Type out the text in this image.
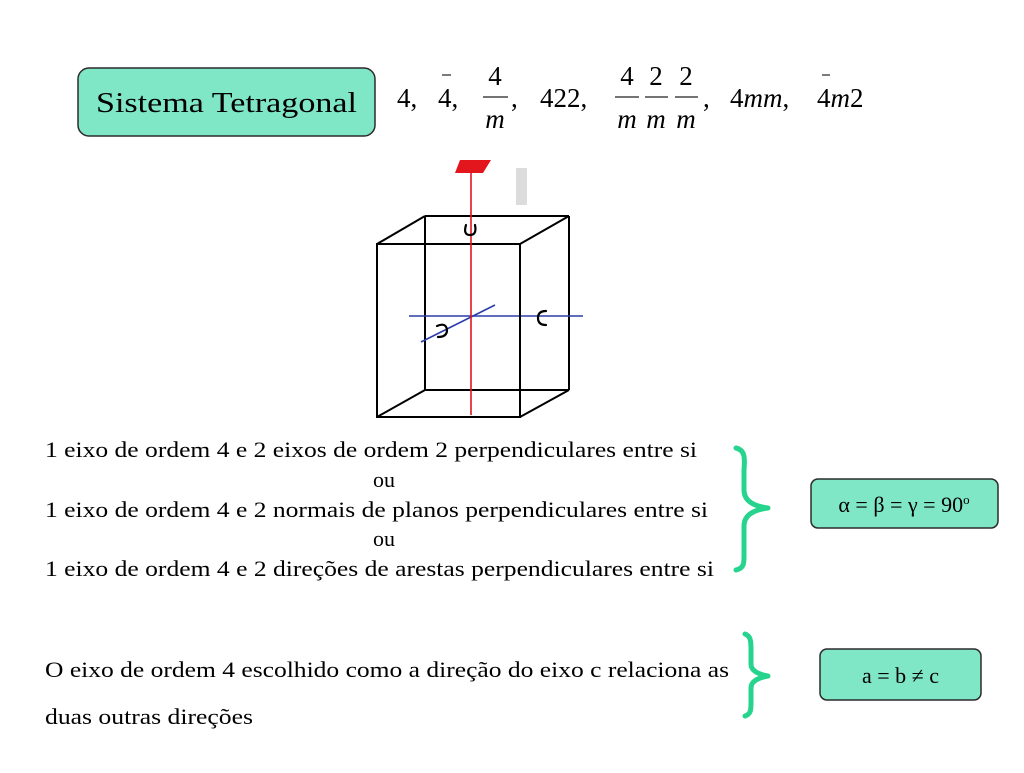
Sistema Tetragonal 4, 4,
4
m
, 422,
4
m
2
m
2
m
, 4mm, 4m2
1 eixo de ordem 4 e 2 eixos de ordem 2 perpendiculares entre si
ou
1 eixo de ordem 4 e 2 normais de planos perpendiculares entre si
ou
1 eixo de ordem 4 e 2 direções de arestas perpendiculares entre si
$\alpha = \beta = \gamma = 90^o$
O eixo de ordem 4 escolhido como a direção do eixo c relaciona as
duas outras direções
a = b ≠ c
